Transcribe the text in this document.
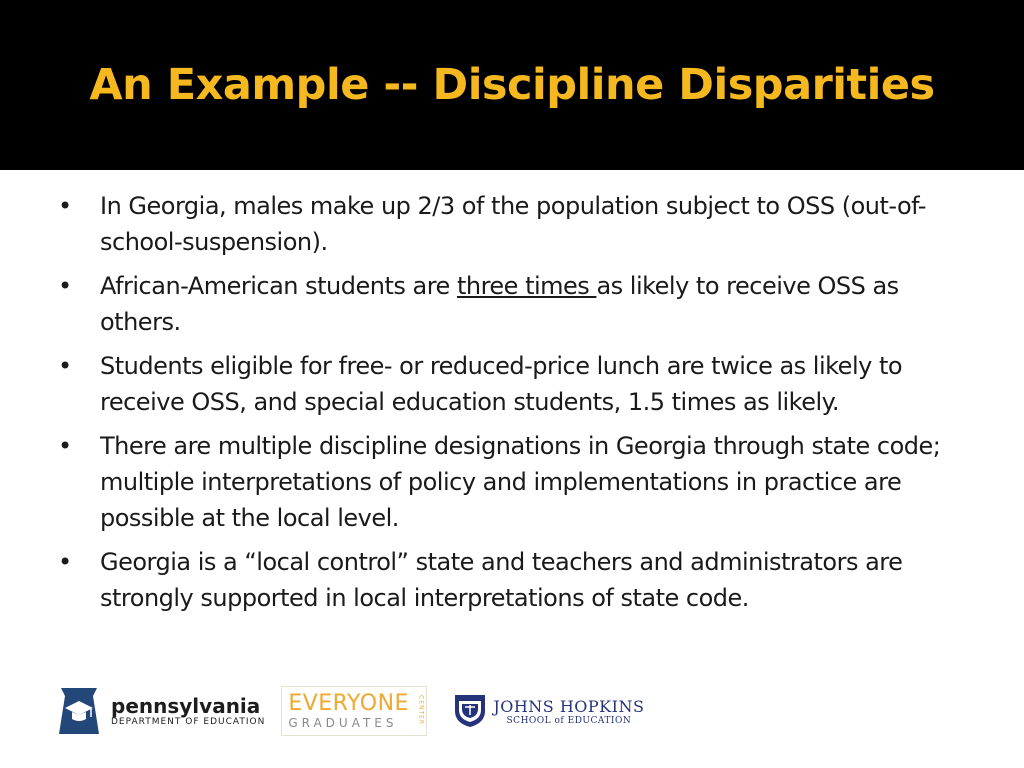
An Example -- Discipline Disparities
• In Georgia, males make up 2/3 of the population subject to OSS (out-of-school-suspension).
• African-American students are three times as likely to receive OSS as others.
• Students eligible for free- or reduced-price lunch are twice as likely to receive OSS, and special education students, 1.5 times as likely.
• There are multiple discipline designations in Georgia through state code; multiple interpretations of policy and implementations in practice are possible at the local level.
• Georgia is a “local control” state and teachers and administrators are strongly supported in local interpretations of state code.
pennsylvania
DEPARTMENT OF EDUCATION
EVERYONE
GRADUATES	CENTER	JOHNS HOPKINS
SCHOOL of EDUCATION
